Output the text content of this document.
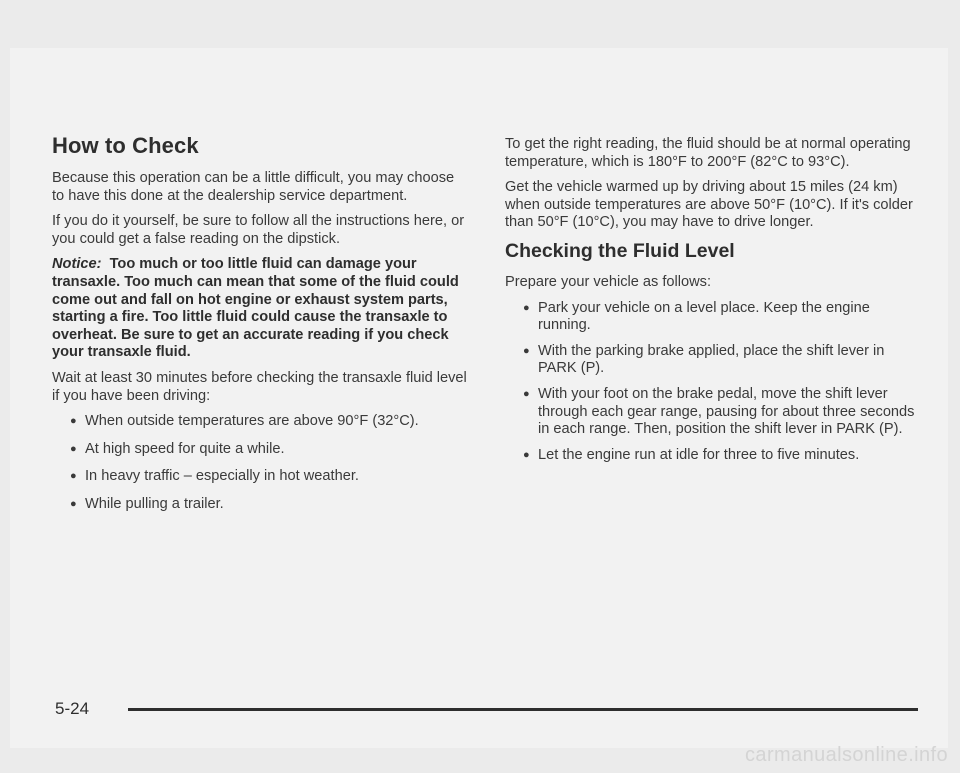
How to Check

Because this operation can be a little difficult, you may choose to have this done at the dealership service department.

If you do it yourself, be sure to follow all the instructions here, or you could get a false reading on the dipstick.

Notice: Too much or too little fluid can damage your transaxle. Too much can mean that some of the fluid could come out and fall on hot engine or exhaust system parts, starting a fire. Too little fluid could cause the transaxle to overheat. Be sure to get an accurate reading if you check your transaxle fluid.

Wait at least 30 minutes before checking the transaxle fluid level if you have been driving:

● When outside temperatures are above 90°F (32°C).
● At high speed for quite a while.
● In heavy traffic – especially in hot weather.
● While pulling a trailer.

To get the right reading, the fluid should be at normal operating temperature, which is 180°F to 200°F (82°C to 93°C).

Get the vehicle warmed up by driving about 15 miles (24 km) when outside temperatures are above 50°F (10°C). If it's colder than 50°F (10°C), you may have to drive longer.

Checking the Fluid Level

Prepare your vehicle as follows:

● Park your vehicle on a level place. Keep the engine running.
● With the parking brake applied, place the shift lever in PARK (P).
● With your foot on the brake pedal, move the shift lever through each gear range, pausing for about three seconds in each range. Then, position the shift lever in PARK (P).
● Let the engine run at idle for three to five minutes.
5-24
carmanualsonline.info
